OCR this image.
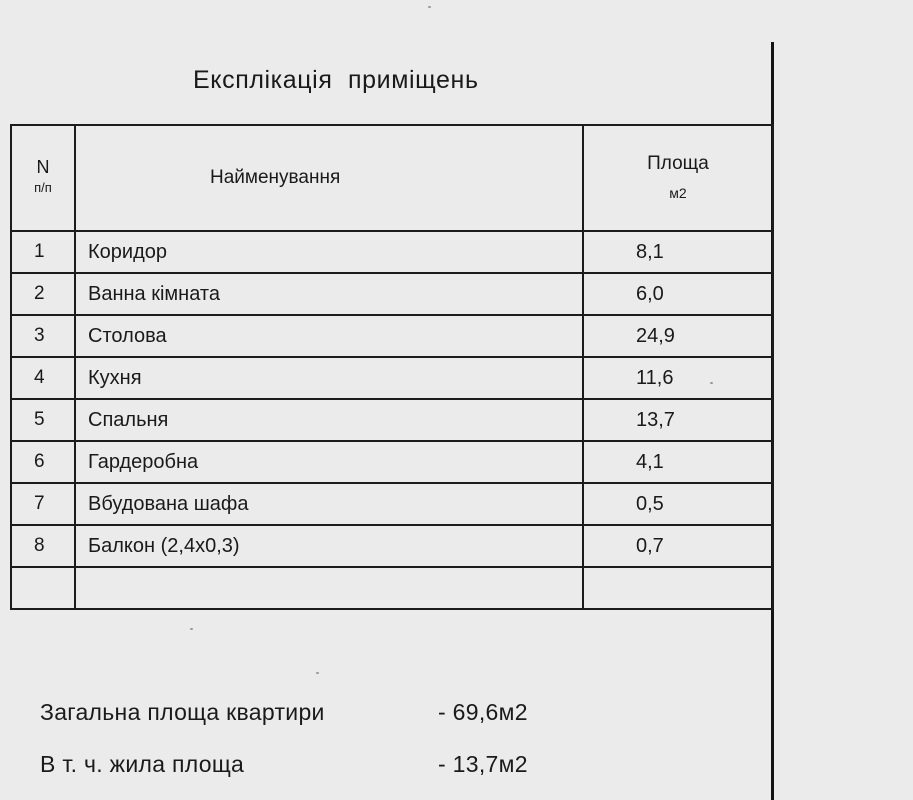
Експлікація приміщень
N
п/п	Найменування	Площа
м2

1	Коридор	8,1
2	Ванна кімната	6,0
3	Столова	24,9
4	Кухня	11,6
5	Спальня	13,7
6	Гардеробна	4,1
7	Вбудована шафа	0,5
8	Балкон (2,4x0,3)	0,7

Загальна площа квартири	- 69,6м2
В т. ч. жила площа	- 13,7м2
